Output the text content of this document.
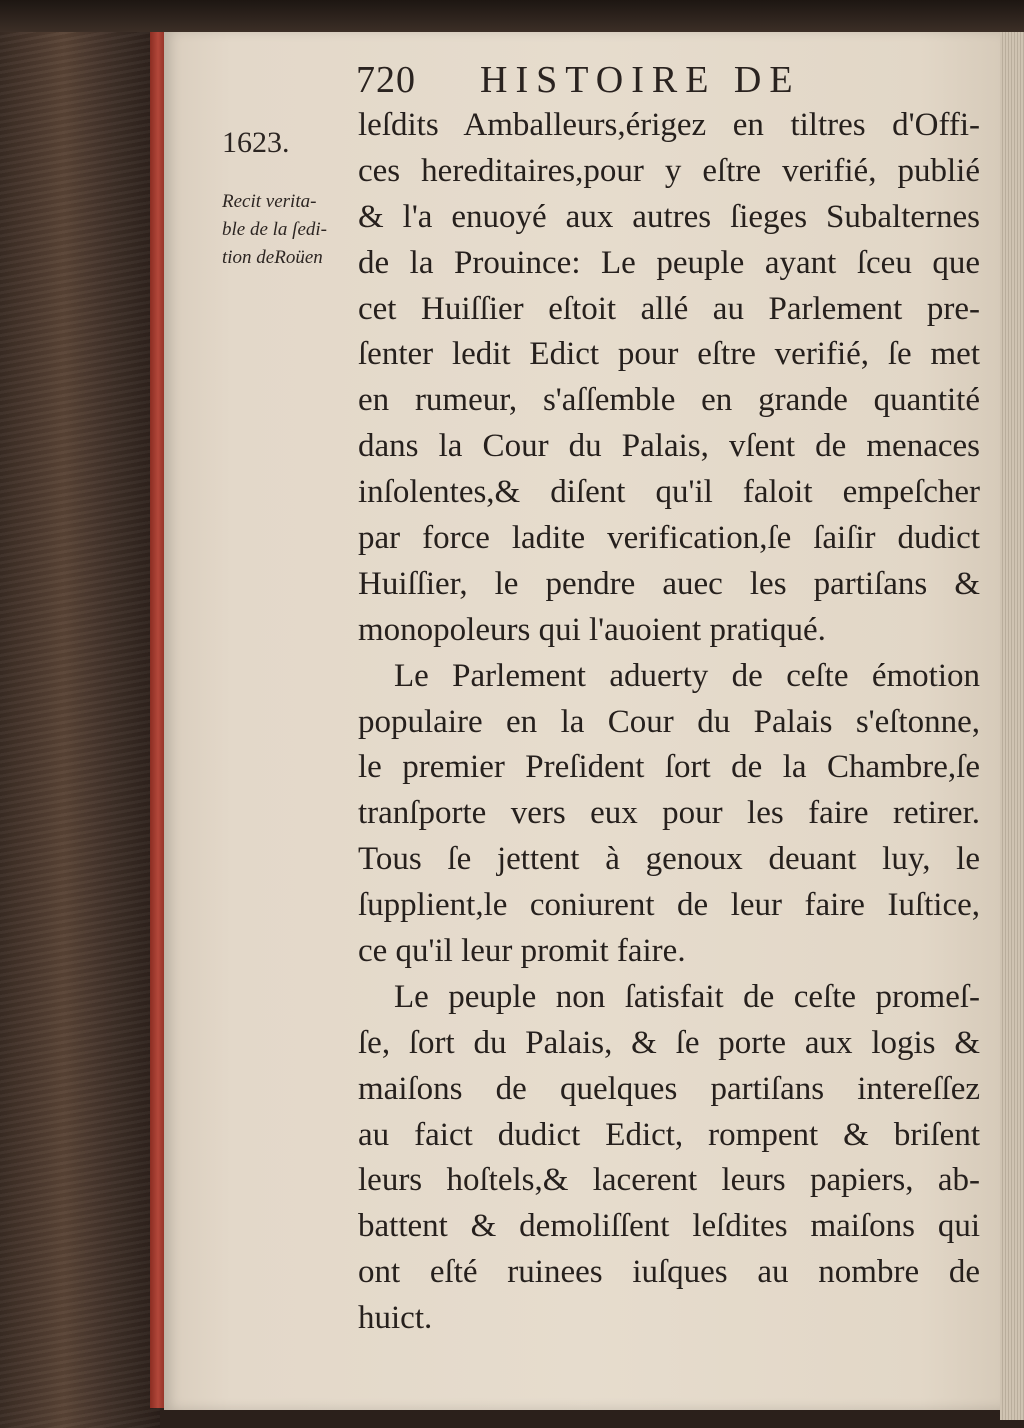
720 HISTOIRE DE
1623.
Recit verita-
ble de la ſedi-
tion deRoüen
leſdits Amballeurs,érigez en tiltres d'Offi-
ces hereditaires,pour y eſtre verifié, publié
& l'a enuoyé aux autres ſieges Subalternes
de la Prouince: Le peuple ayant ſceu que
cet Huiſſier eſtoit allé au Parlement pre-
ſenter ledit Edict pour eſtre verifié, ſe met
en rumeur, s'aſſemble en grande quantité
dans la Cour du Palais, vſent de menaces
inſolentes,& diſent qu'il faloit empeſcher
par force ladite verification,ſe ſaiſir dudict
Huiſſier, le pendre auec les partiſans &
monopoleurs qui l'auoient pratiqué.
Le Parlement aduerty de ceſte émotion
populaire en la Cour du Palais s'eſtonne,
le premier Preſident ſort de la Chambre,ſe
tranſporte vers eux pour les faire retirer.
Tous ſe jettent à genoux deuant luy, le
ſupplient,le coniurent de leur faire Iuſtice,
ce qu'il leur promit faire.
Le peuple non ſatisfait de ceſte promeſ-
ſe, ſort du Palais, & ſe porte aux logis &
maiſons de quelques partiſans intereſſez
au faict dudict Edict, rompent & briſent
leurs hoſtels,& lacerent leurs papiers, ab-
battent & demoliſſent leſdites maiſons qui
ont eſté ruinees iuſques au nombre de
huict.
